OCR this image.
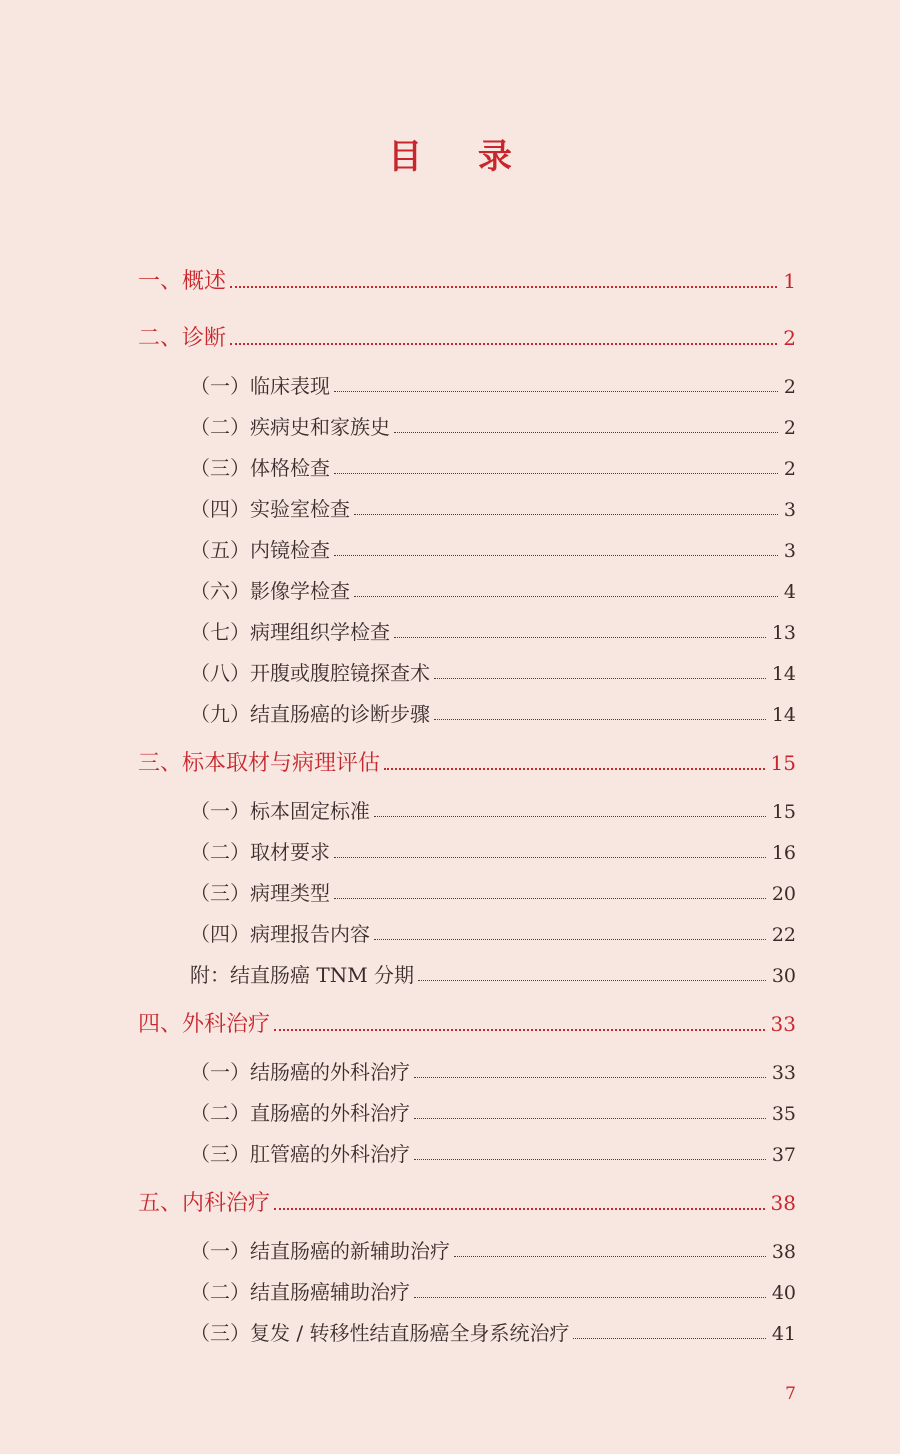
目 录
一、概述	1
二、诊断	2
（一）临床表现	2
（二）疾病史和家族史	2
（三）体格检查	2
（四）实验室检查	3
（五）内镜检查	3
（六）影像学检查	4
（七）病理组织学检查	13
（八）开腹或腹腔镜探查术	14
（九）结直肠癌的诊断步骤	14
三、标本取材与病理评估	15
（一）标本固定标准	15
（二）取材要求	16
（三）病理类型	20
（四）病理报告内容	22
附：结直肠癌 TNM 分期	30
四、外科治疗	33
（一）结肠癌的外科治疗	33
（二）直肠癌的外科治疗	35
（三）肛管癌的外科治疗	37
五、内科治疗	38
（一）结直肠癌的新辅助治疗	38
（二）结直肠癌辅助治疗	40
（三）复发 / 转移性结直肠癌全身系统治疗	41
7
